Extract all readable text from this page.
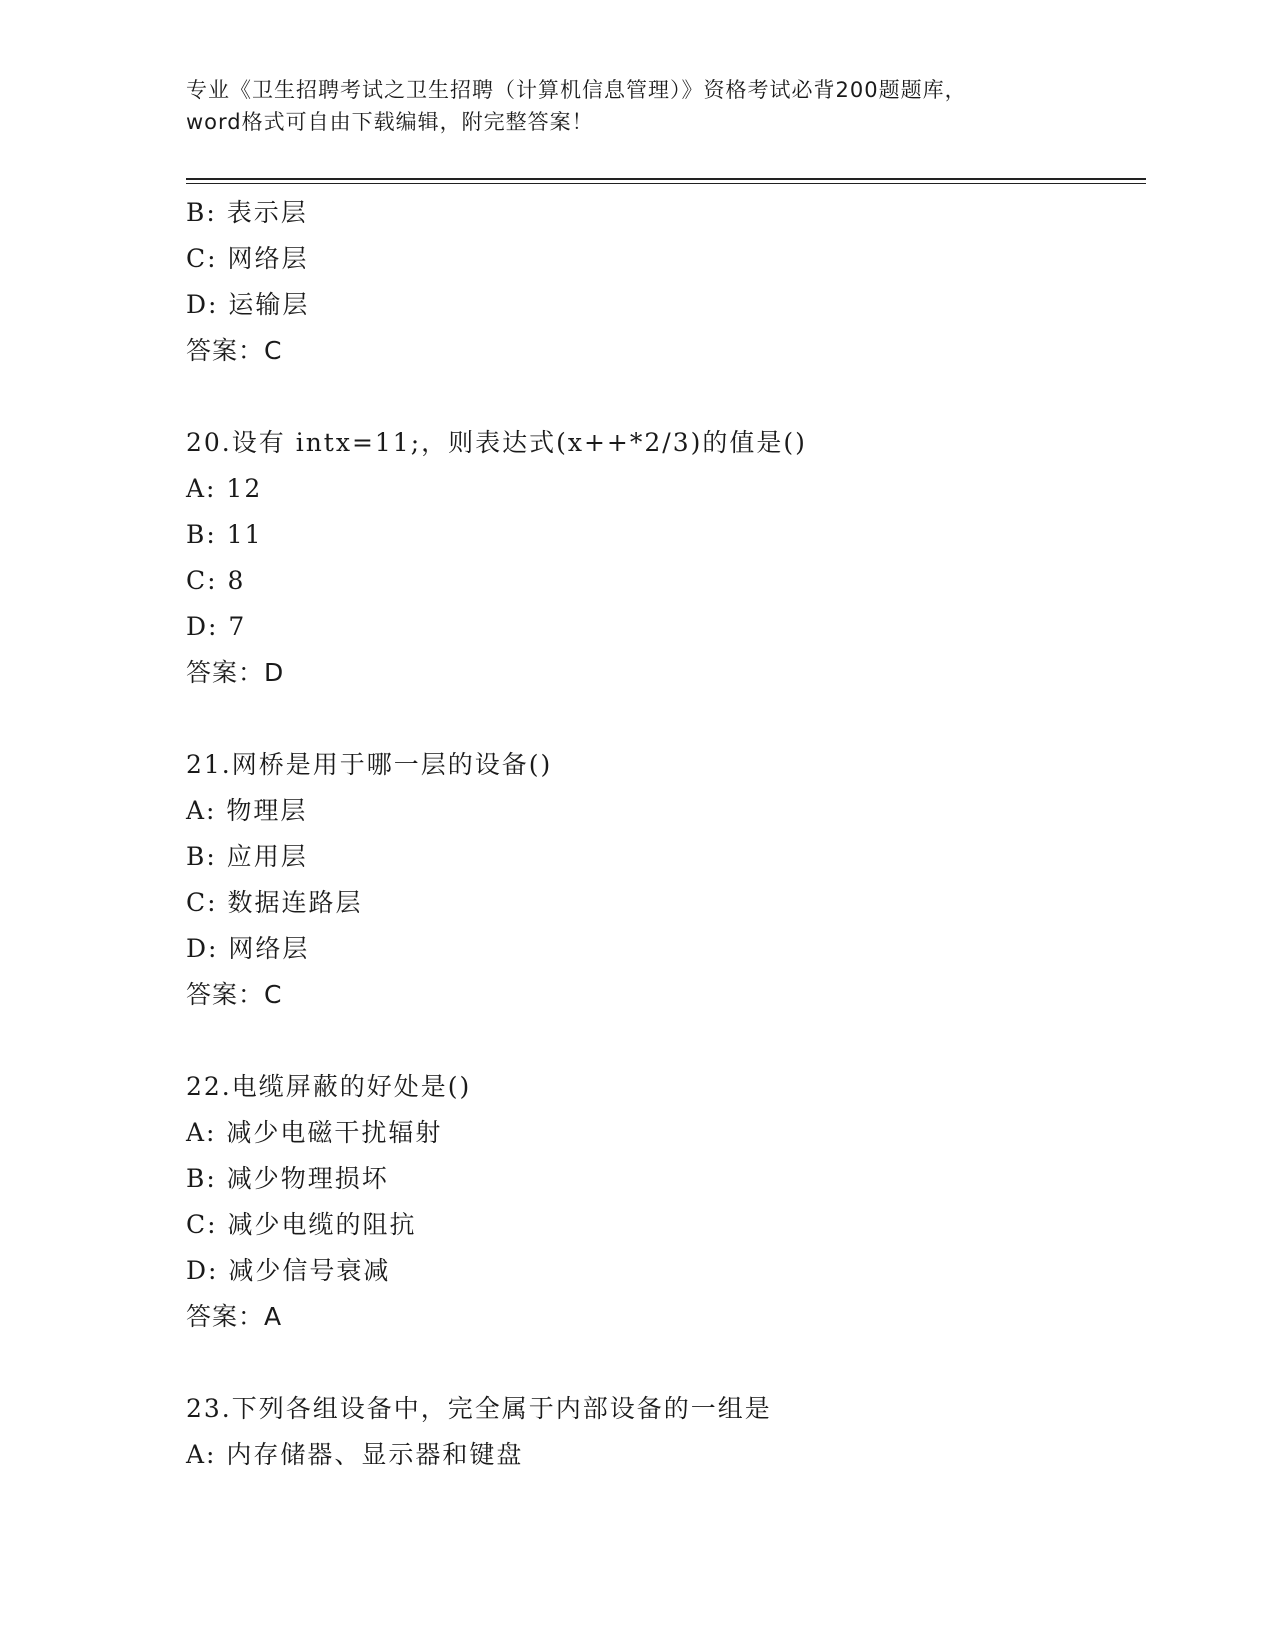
专业《卫生招聘考试之卫生招聘（计算机信息管理）》资格考试必背200题题库，
word格式可自由下载编辑，附完整答案！
B: 表示层
C: 网络层
D: 运输层
答案：C
20.设有 intx=11;，则表达式(x++*2/3)的值是()
A: 12
B: 11
C: 8
D: 7
答案：D
21.网桥是用于哪一层的设备()
A: 物理层
B: 应用层
C: 数据连路层
D: 网络层
答案：C
22.电缆屏蔽的好处是()
A: 减少电磁干扰辐射
B: 减少物理损坏
C: 减少电缆的阻抗
D: 减少信号衰减
答案：A
23.下列各组设备中，完全属于内部设备的一组是
A: 内存储器、显示器和键盘
